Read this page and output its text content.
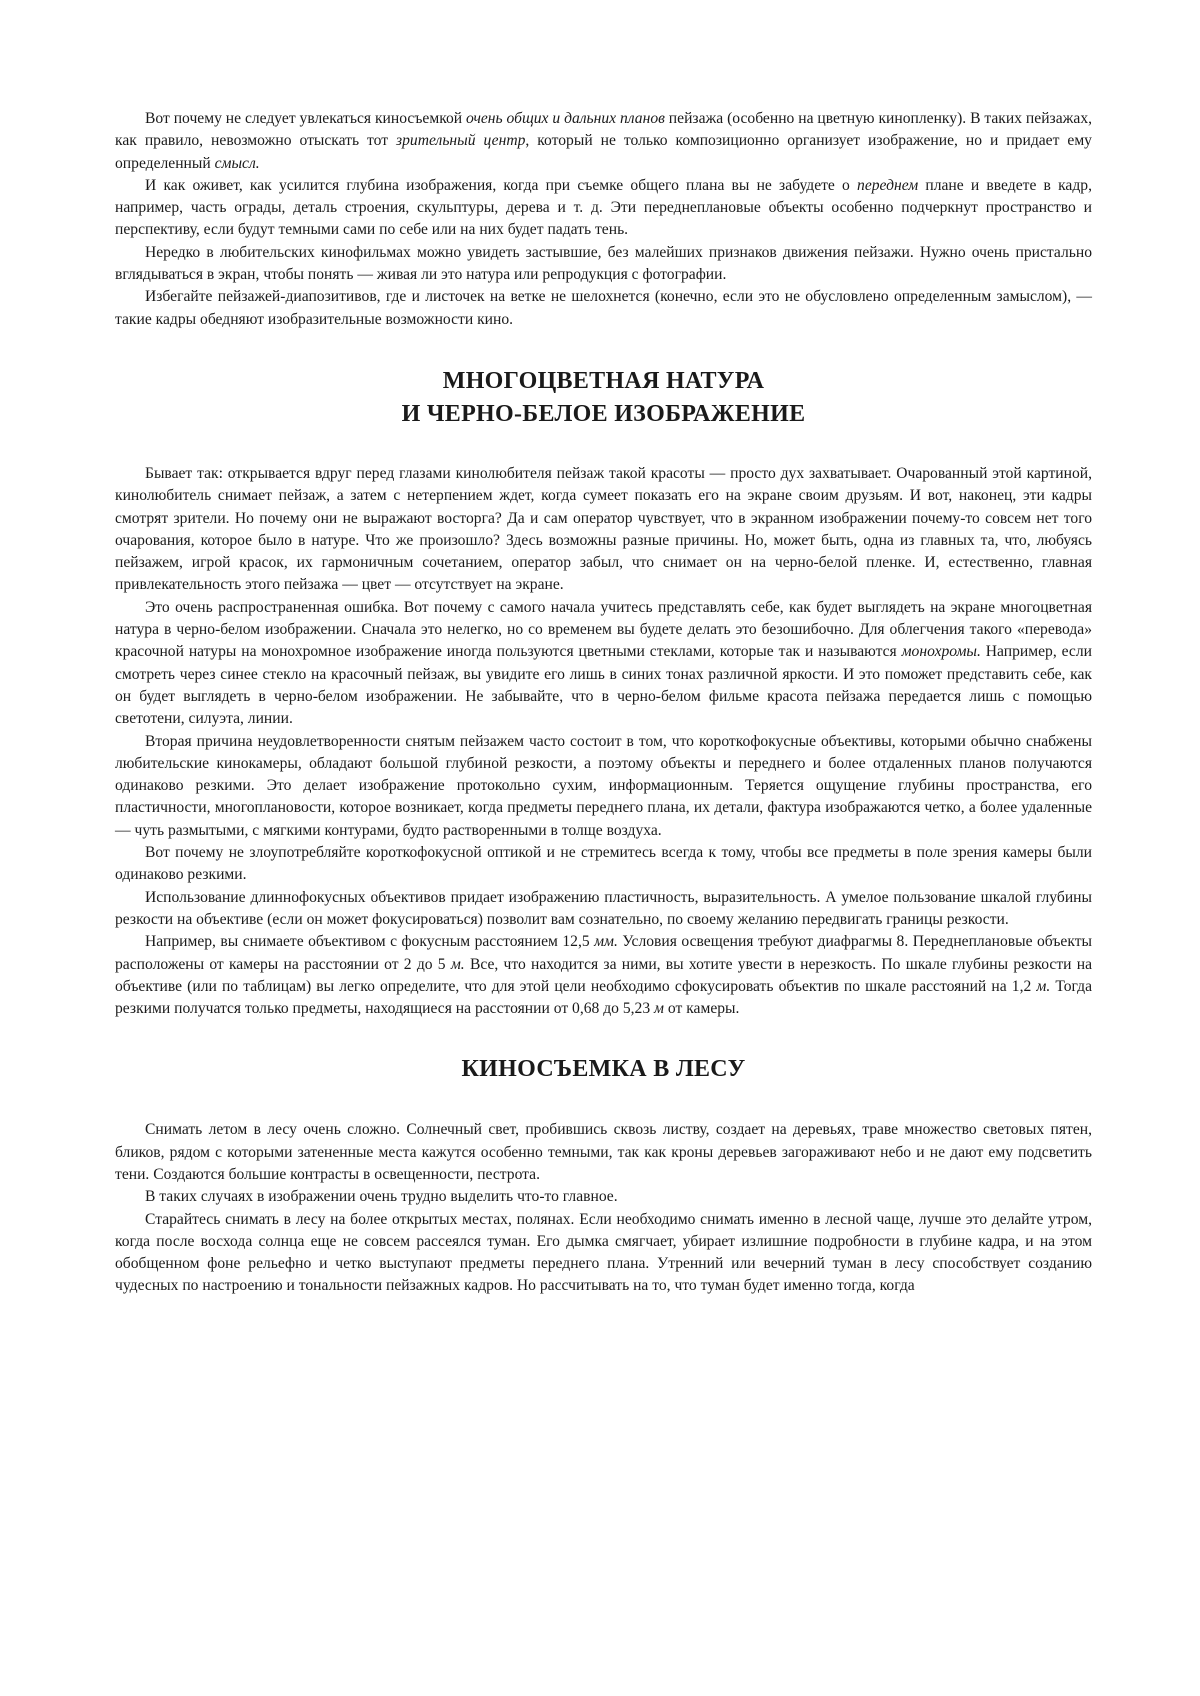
Вот почему не следует увлекаться киносъемкой очень общих и дальних планов пейзажа (особенно на цветную кинопленку). В таких пейзажах, как правило, невозможно отыскать тот зрительный центр, который не только композиционно организует изображение, но и придает ему определенный смысл.

И как оживет, как усилится глубина изображения, когда при съемке общего плана вы не забудете о переднем плане и введете в кадр, например, часть ограды, деталь строения, скульптуры, дерева и т. д. Эти переднеплановые объекты особенно подчеркнут пространство и перспективу, если будут темными сами по себе или на них будет падать тень.

Нередко в любительских кинофильмах можно увидеть застывшие, без малейших признаков движения пейзажи. Нужно очень пристально вглядываться в экран, чтобы понять — живая ли это натура или репродукция с фотографии.

Избегайте пейзажей-диапозитивов, где и листочек на ветке не шелохнется (конечно, если это не обусловлено определенным замыслом), — такие кадры обедняют изобразительные возможности кино.

МНОГОЦВЕТНАЯ НАТУРА
И ЧЕРНО-БЕЛОЕ ИЗОБРАЖЕНИЕ

Бывает так: открывается вдруг перед глазами кинолюбителя пейзаж такой красоты — просто дух захватывает. Очарованный этой картиной, кинолюбитель снимает пейзаж, а затем с нетерпением ждет, когда сумеет показать его на экране своим друзьям. И вот, наконец, эти кадры смотрят зрители. Но почему они не выражают восторга? Да и сам оператор чувствует, что в экранном изображении почему-то совсем нет того очарования, которое было в натуре. Что же произошло? Здесь возможны разные причины. Но, может быть, одна из главных та, что, любуясь пейзажем, игрой красок, их гармоничным сочетанием, оператор забыл, что снимает он на черно-белой пленке. И, естественно, главная привлекательность этого пейзажа — цвет — отсутствует на экране.

Это очень распространенная ошибка. Вот почему с самого начала учитесь представлять себе, как будет выглядеть на экране многоцветная натура в черно-белом изображении. Сначала это нелегко, но со временем вы будете делать это безошибочно. Для облегчения такого «перевода» красочной натуры на монохромное изображение иногда пользуются цветными стеклами, которые так и называются монохромы. Например, если смотреть через синее стекло на красочный пейзаж, вы увидите его лишь в синих тонах различной яркости. И это поможет представить себе, как он будет выглядеть в черно-белом изображении. Не забывайте, что в черно-белом фильме красота пейзажа передается лишь с помощью светотени, силуэта, линии.

Вторая причина неудовлетворенности снятым пейзажем часто состоит в том, что короткофокусные объективы, которыми обычно снабжены любительские кинокамеры, обладают большой глубиной резкости, а поэтому объекты и переднего и более отдаленных планов получаются одинаково резкими. Это делает изображение протокольно сухим, информационным. Теряется ощущение глубины пространства, его пластичности, многоплановости, которое возникает, когда предметы переднего плана, их детали, фактура изображаются четко, а более удаленные — чуть размытыми, с мягкими контурами, будто растворенными в толще воздуха.

Вот почему не злоупотребляйте короткофокусной оптикой и не стремитесь всегда к тому, чтобы все предметы в поле зрения камеры были одинаково резкими.

Использование длиннофокусных объективов придает изображению пластичность, выразительность. А умелое пользование шкалой глубины резкости на объективе (если он может фокусироваться) позволит вам сознательно, по своему желанию передвигать границы резкости.

Например, вы снимаете объективом с фокусным расстоянием 12,5 мм. Условия освещения требуют диафрагмы 8. Переднеплановые объекты расположены от камеры на расстоянии от 2 до 5 м. Все, что находится за ними, вы хотите увести в нерезкость. По шкале глубины резкости на объективе (или по таблицам) вы легко определите, что для этой цели необходимо сфокусировать объектив по шкале расстояний на 1,2 м. Тогда резкими получатся только предметы, находящиеся на расстоянии от 0,68 до 5,23 м от камеры.

КИНОСЪЕМКА В ЛЕСУ

Снимать летом в лесу очень сложно. Солнечный свет, пробившись сквозь листву, создает на деревьях, траве множество световых пятен, бликов, рядом с которыми затененные места кажутся особенно темными, так как кроны деревьев загораживают небо и не дают ему подсветить тени. Создаются большие контрасты в освещенности, пестрота.

В таких случаях в изображении очень трудно выделить что-то главное.

Старайтесь снимать в лесу на более открытых местах, полянах. Если необходимо снимать именно в лесной чаще, лучше это делайте утром, когда после восхода солнца еще не совсем рассеялся туман. Его дымка смягчает, убирает излишние подробности в глубине кадра, и на этом обобщенном фоне рельефно и четко выступают предметы переднего плана. Утренний или вечерний туман в лесу способствует созданию чудесных по настроению и тональности пейзажных кадров. Но рассчитывать на то, что туман будет именно тогда, когда
